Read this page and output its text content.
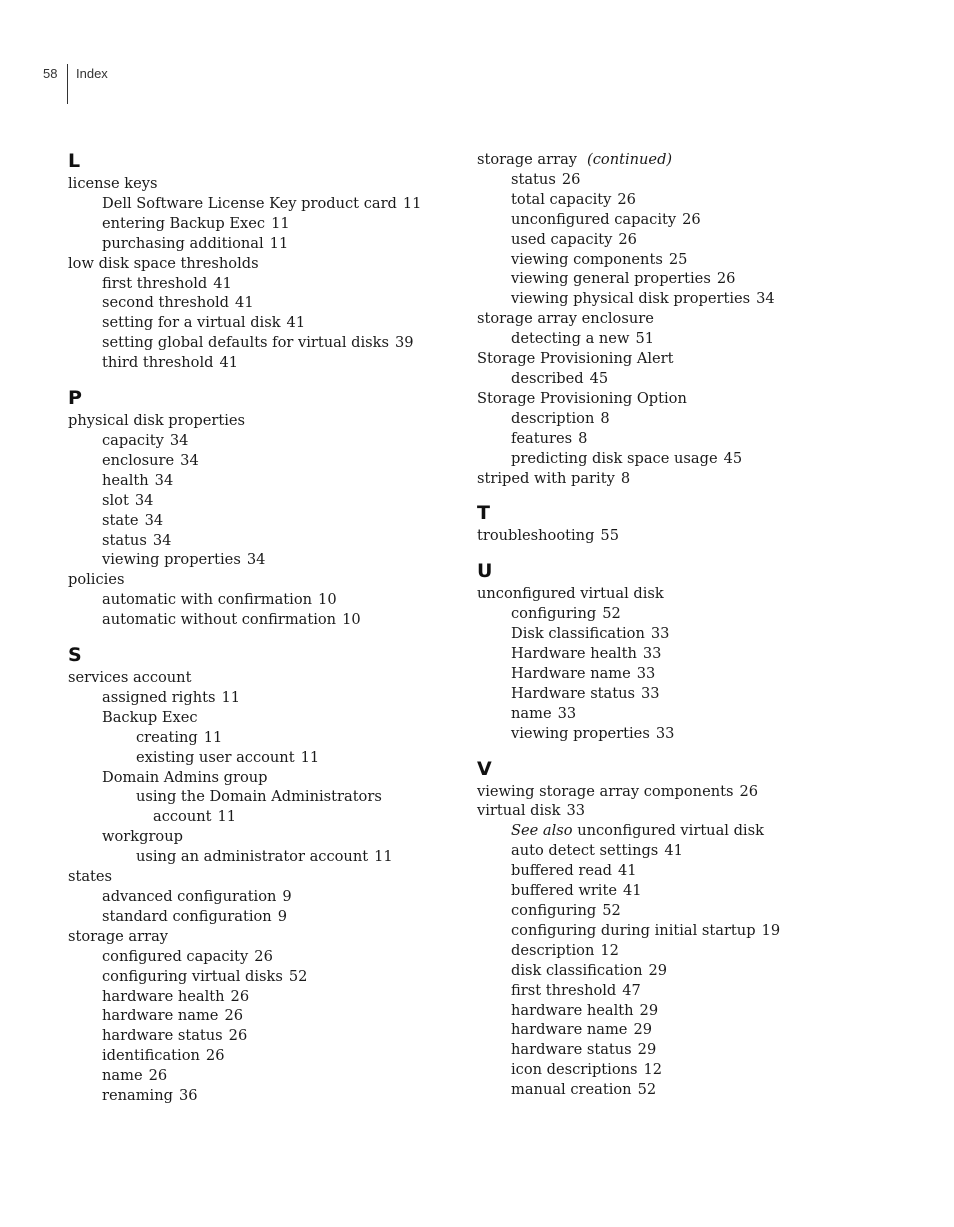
58 Index
L
license keys
Dell Software License Key product card 11
entering Backup Exec 11
purchasing additional 11
low disk space thresholds
first threshold 41
second threshold 41
setting for a virtual disk 41
setting global defaults for virtual disks 39
third threshold 41
P
physical disk properties
capacity 34
enclosure 34
health 34
slot 34
state 34
status 34
viewing properties 34
policies
automatic with confirmation 10
automatic without confirmation 10
S
services account
assigned rights 11
Backup Exec
creating 11
existing user account 11
Domain Admins group
using the Domain Administrators
account 11
workgroup
using an administrator account 11
states
advanced configuration 9
standard configuration 9
storage array
configured capacity 26
configuring virtual disks 52
hardware health 26
hardware name 26
hardware status 26
identification 26
name 26
renaming 36
storage array (continued)
status 26
total capacity 26
unconfigured capacity 26
used capacity 26
viewing components 25
viewing general properties 26
viewing physical disk properties 34
storage array enclosure
detecting a new 51
Storage Provisioning Alert
described 45
Storage Provisioning Option
description 8
features 8
predicting disk space usage 45
striped with parity 8
T
troubleshooting 55
U
unconfigured virtual disk
configuring 52
Disk classification 33
Hardware health 33
Hardware name 33
Hardware status 33
name 33
viewing properties 33
V
viewing storage array components 26
virtual disk 33
See also unconfigured virtual disk
auto detect settings 41
buffered read 41
buffered write 41
configuring 52
configuring during initial startup 19
description 12
disk classification 29
first threshold 47
hardware health 29
hardware name 29
hardware status 29
icon descriptions 12
manual creation 52
